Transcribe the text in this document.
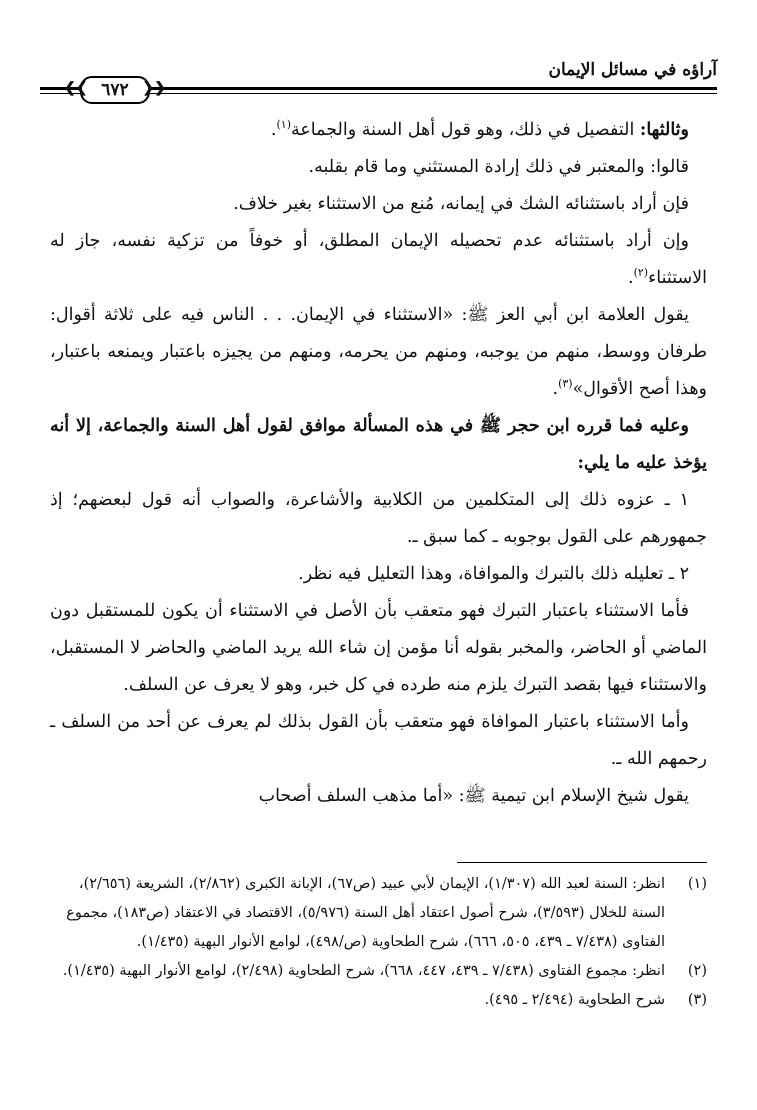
آراؤه في مسائل الإيمان
❮❮
٦٧٢
❯❯

وثالثها: التفصيل في ذلك، وهو قول أهل السنة والجماعة$^{(١)}$.

قالوا: والمعتبر في ذلك إرادة المستثني وما قام بقلبه.

فإن أراد باستثنائه الشك في إيمانه، مُنع من الاستثناء بغير خلاف.

وإن أراد باستثنائه عدم تحصيله الإيمان المطلق، أو خوفاً من تزكية نفسه، جاز له الاستثناء$^{(٢)}$.

يقول العلامة ابن أبي العز ﷺ: «الاستثناء في الإيمان. . . الناس فيه على ثلاثة أقوال: طرفان ووسط، منهم من يوجبه، ومنهم من يحرمه، ومنهم من يجيزه باعتبار ويمنعه باعتبار، وهذا أصح الأقوال»$^{(٣)}$.

وعليه فما قرره ابن حجر ﷺ في هذه المسألة موافق لقول أهل السنة والجماعة، إلا أنه يؤخذ عليه ما يلي:

١ ـ عزوه ذلك إلى المتكلمين من الكلابية والأشاعرة، والصواب أنه قول لبعضهم؛ إذ جمهورهم على القول بوجوبه ـ كما سبق ـ.

٢ ـ تعليله ذلك بالتبرك والموافاة، وهذا التعليل فيه نظر.

فأما الاستثناء باعتبار التبرك فهو متعقب بأن الأصل في الاستثناء أن يكون للمستقبل دون الماضي أو الحاضر، والمخبر بقوله أنا مؤمن إن شاء الله يريد الماضي والحاضر لا المستقبل، والاستثناء فيها بقصد التبرك يلزم منه طرده في كل خبر، وهو لا يعرف عن السلف.

وأما الاستثناء باعتبار الموافاة فهو متعقب بأن القول بذلك لم يعرف عن أحد من السلف ـ رحمهم الله ـ.

يقول شيخ الإسلام ابن تيمية ﷺ: «أما مذهب السلف أصحاب

(١)
انظر: السنة لعبد الله (١/٣٠٧)، الإيمان لأبي عبيد (ص٦٧)، الإبانة الكبرى (٢/٨٦٢)، الشريعة (٢/٦٥٦)، السنة للخلال (٣/٥٩٣)، شرح أصول اعتقاد أهل السنة (٥/٩٧٦)، الاقتصاد في الاعتقاد (ص١٨٣)، مجموع الفتاوى (٧/٤٣٨ ـ ٤٣٩، ٥٠٥، ٦٦٦)، شرح الطحاوية (ص/٤٩٨)، لوامع الأنوار البهية (١/٤٣٥).

(٢)
انظر: مجموع الفتاوى (٧/٤٣٨ ـ ٤٣٩، ٤٤٧، ٦٦٨)، شرح الطحاوية (٢/٤٩٨)، لوامع الأنوار البهية (١/٤٣٥).

(٣)
شرح الطحاوية (٢/٤٩٤ ـ ٤٩٥).
